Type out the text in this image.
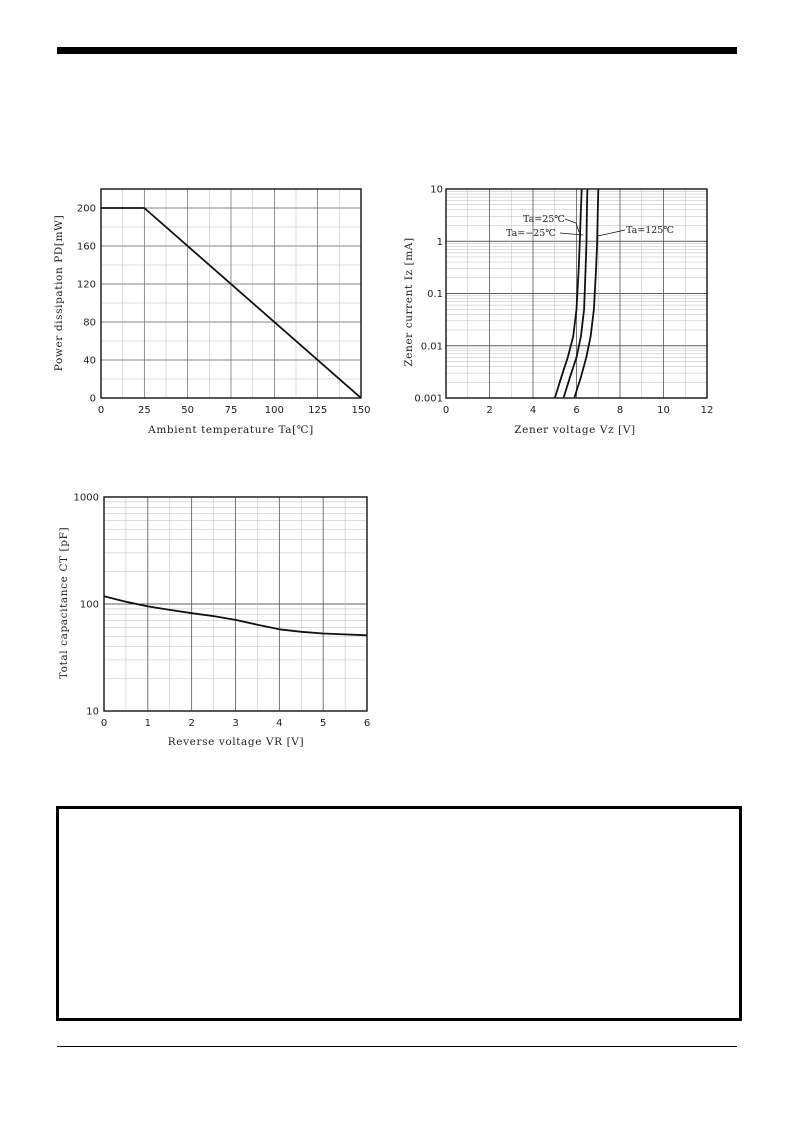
0	25	50	75	100 125 150
0
40
80
120
160
200
Ambient temperature Ta[℃]
Power dissipation PD[mW]
0	2	4	6	8	10	12
0.001
0.01
0.1
1
10
Zener voltage Vz [V]
Zener current Iz [mA]
Ta=25℃
Ta=−25℃	Ta=125℃
0	1	2	3	4	5	6
10
100
1000
Reverse voltage VR [V]
Total capacitance CT [pF]
